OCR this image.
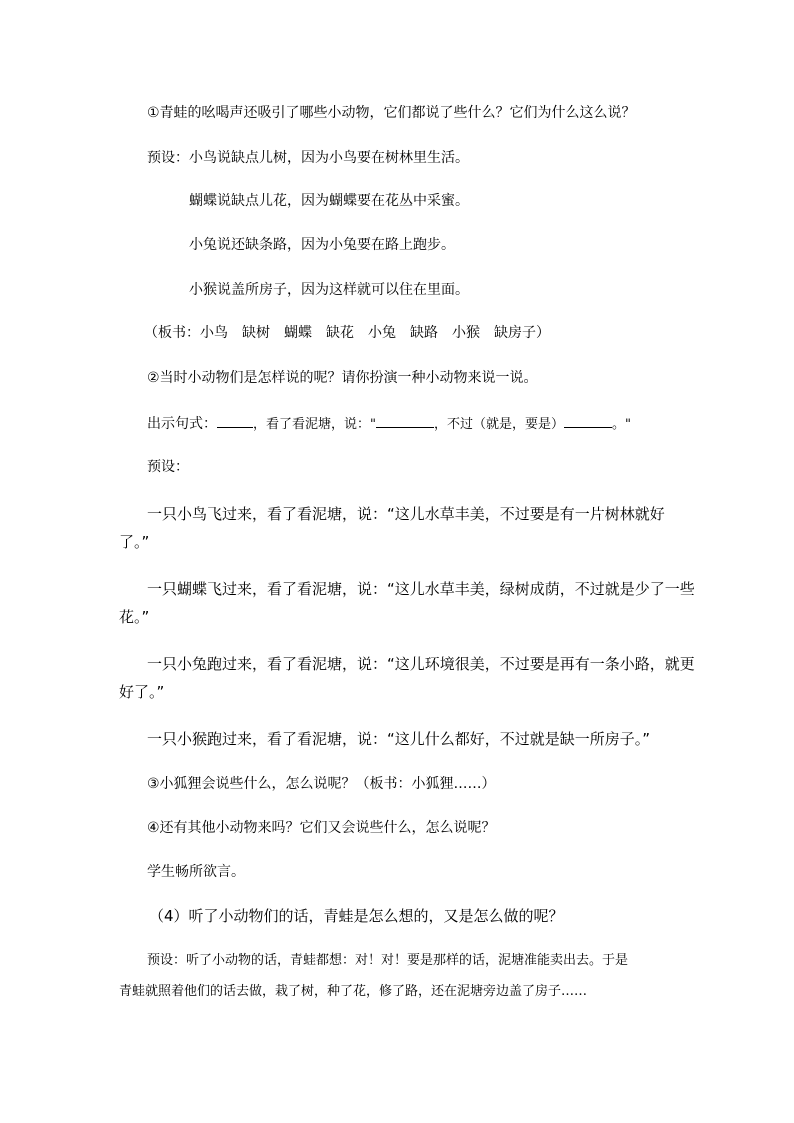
①青蛙的吆喝声还吸引了哪些小动物，它们都说了些什么？它们为什么这么说？
预设：小鸟说缺点儿树，因为小鸟要在树林里生活。
蝴蝶说缺点儿花，因为蝴蝶要在花丛中采蜜。
小兔说还缺条路，因为小兔要在路上跑步。
小猴说盖所房子，因为这样就可以住在里面。
（板书：小鸟　缺树　蝴蝶　缺花　小兔　缺路　小猴　缺房子）
②当时小动物们是怎样说的呢？请你扮演一种小动物来说一说。
出示句式：	，看了看泥塘，说："	，不过（就是，要是）	。"
预设：
一只小鸟飞过来，看了看泥塘，说：“这儿水草丰美，不过要是有一片树林就好
了。”
一只蝴蝶飞过来，看了看泥塘，说：“这儿水草丰美，绿树成荫，不过就是少了一些
花。”
一只小兔跑过来，看了看泥塘，说：“这儿环境很美，不过要是再有一条小路，就更
好了。”
一只小猴跑过来，看了看泥塘，说：“这儿什么都好，不过就是缺一所房子。”
③小狐狸会说些什么，怎么说呢？（板书：小狐狸……）
④还有其他小动物来吗？它们又会说些什么，怎么说呢？
学生畅所欲言。
（4）听了小动物们的话，青蛙是怎么想的，又是怎么做的呢？
预设：听了小动物的话，青蛙都想：对！对！要是那样的话，泥塘准能卖出去。于是
青蛙就照着他们的话去做，栽了树，种了花，修了路，还在泥塘旁边盖了房子……
